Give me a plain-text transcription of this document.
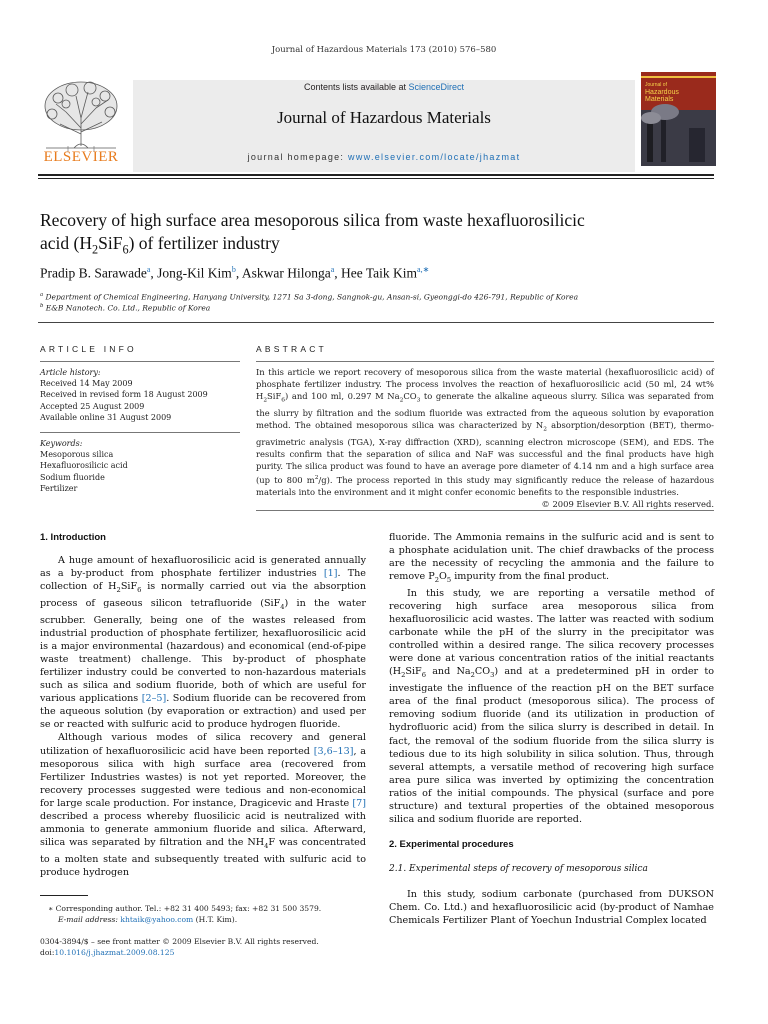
Journal of Hazardous Materials 173 (2010) 576–580
Contents lists available at ScienceDirect
Journal of Hazardous Materials
journal homepage: www.elsevier.com/locate/jhazmat
ELSEVIER
Journal of
Hazardous
Materials
Recovery of high surface area mesoporous silica from waste hexafluorosilicic
acid $(H_2SiF_6)$ of fertilizer industry
Pradip B. Sarawade$^a$, Jong-Kil Kim$^b$, Askwar Hilonga$^a$, Hee Taik Kim$^{a,∗}$
$^a$ Department of Chemical Engineering, Hanyang University, 1271 Sa 3-dong, Sangnok-gu, Ansan-si, Gyeonggi-do 426-791, Republic of Korea
$^b$ E&B Nanotech. Co. Ltd., Republic of Korea
ARTICLE INFO
Article history:
Received 14 May 2009
Received in revised form 18 August 2009
Accepted 25 August 2009
Available online 31 August 2009
Keywords:
Mesoporous silica
Hexafluorosilicic acid
Sodium fluoride
Fertilizer
ABSTRACT
In this article we report recovery of mesoporous silica from the waste material (hexafluorosilicic acid) of phosphate fertilizer industry. The process involves the reaction of hexafluorosilicic acid (50 ml, 24 wt% $H_2SiF_6$) and 100 ml, 0.297 M $Na_2CO_3$ to generate the alkaline aqueous slurry. Silica was separated from the slurry by filtration and the sodium fluoride was extracted from the aqueous solution by evaporation method. The obtained mesoporous silica was characterized by $N_2$ absorption/desorption (BET), thermo-gravimetric analysis (TGA), X-ray diffraction (XRD), scanning electron microscope (SEM), and EDS. The results confirm that the separation of silica and NaF was successful and the final products have high purity. The silica product was found to have an average pore diameter of 4.14 nm and a high surface area (up to 800 $m^2/g$). The process reported in this study may significantly reduce the release of hazardous materials into the environment and it might confer economic benefits to the responsible industries.
© 2009 Elsevier B.V. All rights reserved.
1. Introduction

A huge amount of hexafluorosilicic acid is generated annually as a by-product from phosphate fertilizer industries [1]. The collection of $H_2SiF_6$ is normally carried out via the absorption process of gaseous silicon tetrafluoride (SiF$_4$) in the water scrubber. Generally, being one of the wastes released from industrial production of phosphate fertilizer, hexafluorosilicic acid is a major environmental (hazardous) and economical (end-of-pipe waste treatment) challenge. This by-product of phosphate fertilizer industry could be converted to non-hazardous materials such as silica and sodium fluoride, both of which are useful for various applications [2–5]. Sodium fluoride can be recovered from the aqueous solution (by evaporation or extraction) and used per se or reacted with sulfuric acid to produce hydrogen fluoride.

Although various modes of silica recovery and general utilization of hexafluorosilicic acid have been reported [3,6–13], a mesoporous silica with high surface area (recovered from Fertilizer Industries wastes) is not yet reported. Moreover, the recovery processes suggested were tedious and non-economical for large scale production. For instance, Dragicevic and Hraste [7] described a process whereby fluosilicic acid is neutralized with ammonia to generate ammonium fluoride and silica. Afterward, silica was separated by filtration and the $NH_4F$ was concentrated to a molten state and subsequently treated with sulfuric acid to produce hydrogen

∗ Corresponding author. Tel.: +82 31 400 5493; fax: +82 31 500 3579.
E-mail address: khtaik@yahoo.com (H.T. Kim).
0304-3894/$ – see front matter © 2009 Elsevier B.V. All rights reserved.
doi:10.1016/j.jhazmat.2009.08.125

fluoride. The Ammonia remains in the sulfuric acid and is sent to a phosphate acidulation unit. The chief drawbacks of the process are the necessity of recycling the ammonia and the failure to remove $P_2O_5$ impurity from the final product.

In this study, we are reporting a versatile method of recovering high surface area mesoporous silica from hexafluorosilicic acid wastes. The latter was reacted with sodium carbonate while the pH of the slurry in the precipitator was controlled within a desired range. The silica recovery processes were done at various concentration ratios of the initial reactants ($H_2SiF_6$ and $Na_2CO_3$) and at a predetermined pH in order to investigate the influence of the reaction pH on the BET surface area of the final product (mesoporous silica). The process of removing sodium fluoride (and its utilization in production of hydrofluoric acid) from the silica slurry is described in detail. In fact, the removal of the sodium fluoride from the silica slurry is tedious due to its high solubility in silica solution. Thus, through several attempts, a versatile method of recovering high surface area pure silica was inverted by optimizing the concentration ratios of the initial compounds. The physical (surface and pore structure) and textural properties of the obtained mesoporous silica and sodium fluoride are reported.

2. Experimental procedures
2.1. Experimental steps of recovery of mesoporous silica

In this study, sodium carbonate (purchased from DUKSON Chem. Co. Ltd.) and hexafluorosilicic acid (by-product of Namhae Chemicals Fertilizer Plant of Yoechun Industrial Complex located
